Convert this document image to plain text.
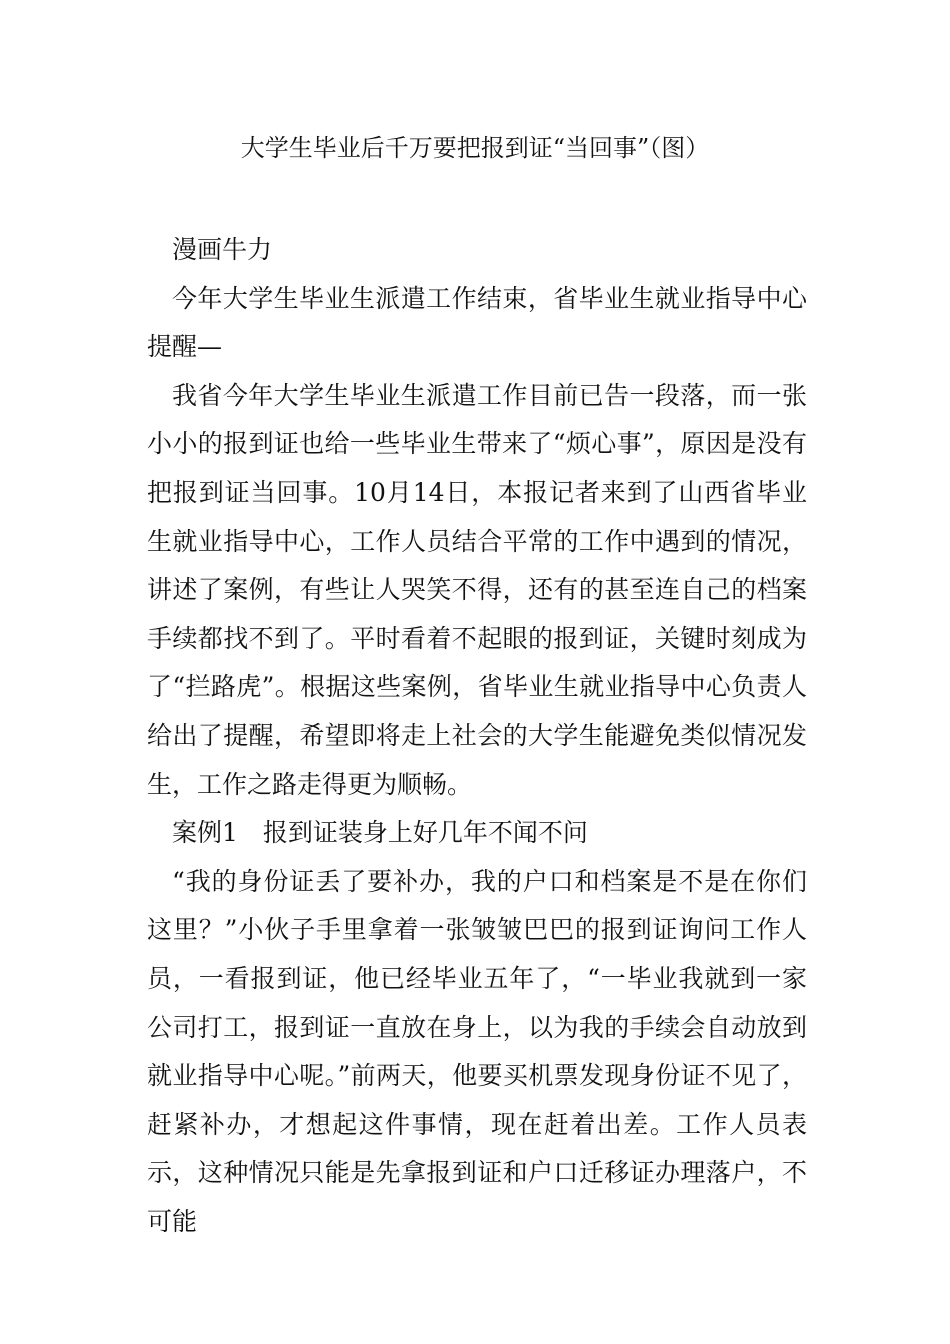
大学生毕业后千万要把报到证“当回事”（图）

漫画牛力

今年大学生毕业生派遣工作结束，省毕业生就业指导中心提醒—

我省今年大学生毕业生派遣工作目前已告一段落，而一张小小的报到证也给一些毕业生带来了“烦心事”，原因是没有把报到证当回事。10月14日，本报记者来到了山西省毕业生就业指导中心，工作人员结合平常的工作中遇到的情况，讲述了案例，有些让人哭笑不得，还有的甚至连自己的档案手续都找不到了。平时看着不起眼的报到证，关键时刻成为了“拦路虎”。根据这些案例，省毕业生就业指导中心负责人给出了提醒，希望即将走上社会的大学生能避免类似情况发生，工作之路走得更为顺畅。

案例1　报到证装身上好几年不闻不问

“我的身份证丢了要补办，我的户口和档案是不是在你们这里？”小伙子手里拿着一张皱皱巴巴的报到证询问工作人员，一看报到证，他已经毕业五年了，“一毕业我就到一家公司打工，报到证一直放在身上，以为我的手续会自动放到就业指导中心呢。”前两天，他要买机票发现身份证不见了，赶紧补办，才想起这件事情，现在赶着出差。工作人员表示，这种情况只能是先拿报到证和户口迁移证办理落户，不可能
